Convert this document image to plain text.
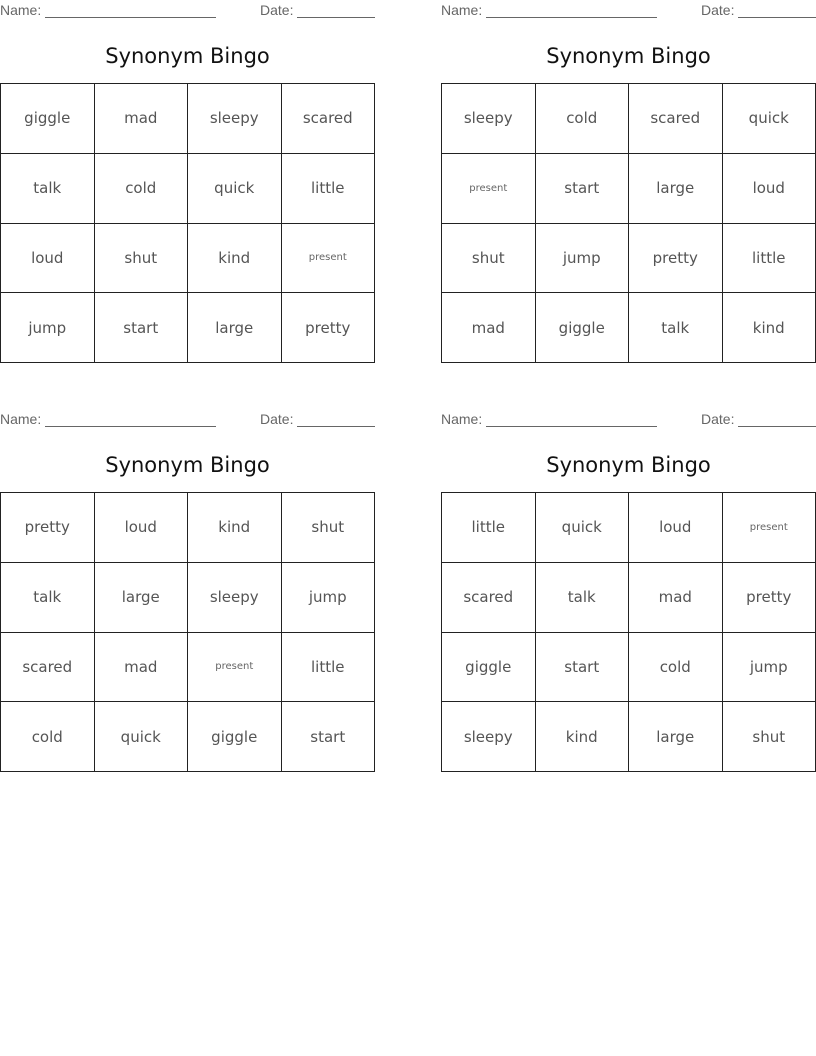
Name:	Date:
Synonym Bingo
giggle	mad	sleepy	scared
talk	cold	quick	little
loud	shut	kind	present
jump	start	large	pretty
Name:	Date:
Synonym Bingo
sleepy	cold	scared	quick
present	start	large	loud
shut	jump	pretty	little
mad	giggle	talk	kind
Name:	Date:
Synonym Bingo
pretty	loud	kind	shut
talk	large	sleepy	jump
scared	mad	present	little
cold	quick	giggle	start
Name:	Date:
Synonym Bingo
little	quick	loud	present
scared	talk	mad	pretty
giggle	start	cold	jump
sleepy	kind	large	shut
